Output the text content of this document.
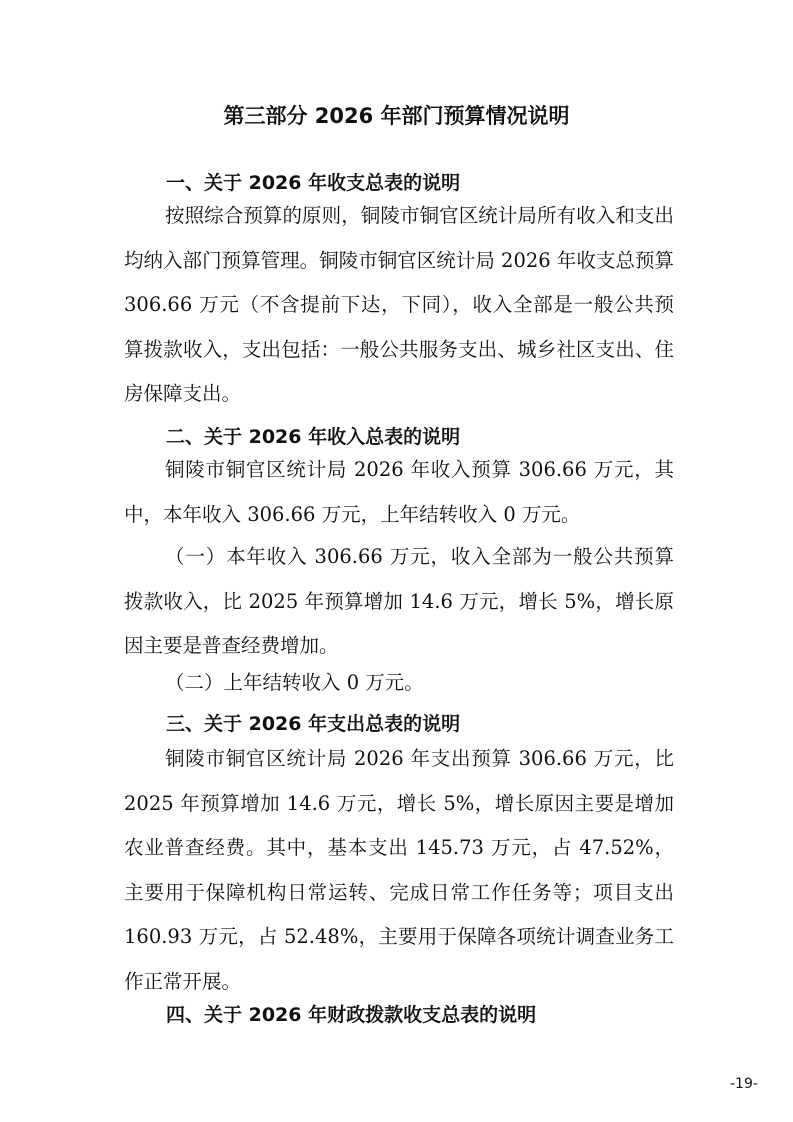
第三部分 2026 年部门预算情况说明
一、关于 2026 年收支总表的说明
按照综合预算的原则，铜陵市铜官区统计局所有收入和支出均纳入部门预算管理。铜陵市铜官区统计局 2026 年收支总预算 306.66 万元（不含提前下达，下同），收入全部是一般公共预算拨款收入，支出包括：一般公共服务支出、城乡社区支出、住房保障支出。
二、关于 2026 年收入总表的说明
铜陵市铜官区统计局 2026 年收入预算 306.66 万元，其中，本年收入 306.66 万元，上年结转收入 0 万元。
（一）本年收入 306.66 万元，收入全部为一般公共预算拨款收入，比 2025 年预算增加 14.6 万元，增长 5%，增长原因主要是普查经费增加。
（二）上年结转收入 0 万元。
三、关于 2026 年支出总表的说明
铜陵市铜官区统计局 2026 年支出预算 306.66 万元，比 2025 年预算增加 14.6 万元，增长 5%，增长原因主要是增加农业普查经费。其中，基本支出 145.73 万元，占 47.52%，主要用于保障机构日常运转、完成日常工作任务等；项目支出 160.93 万元，占 52.48%，主要用于保障各项统计调查业务工作正常开展。
四、关于 2026 年财政拨款收支总表的说明
-19-
